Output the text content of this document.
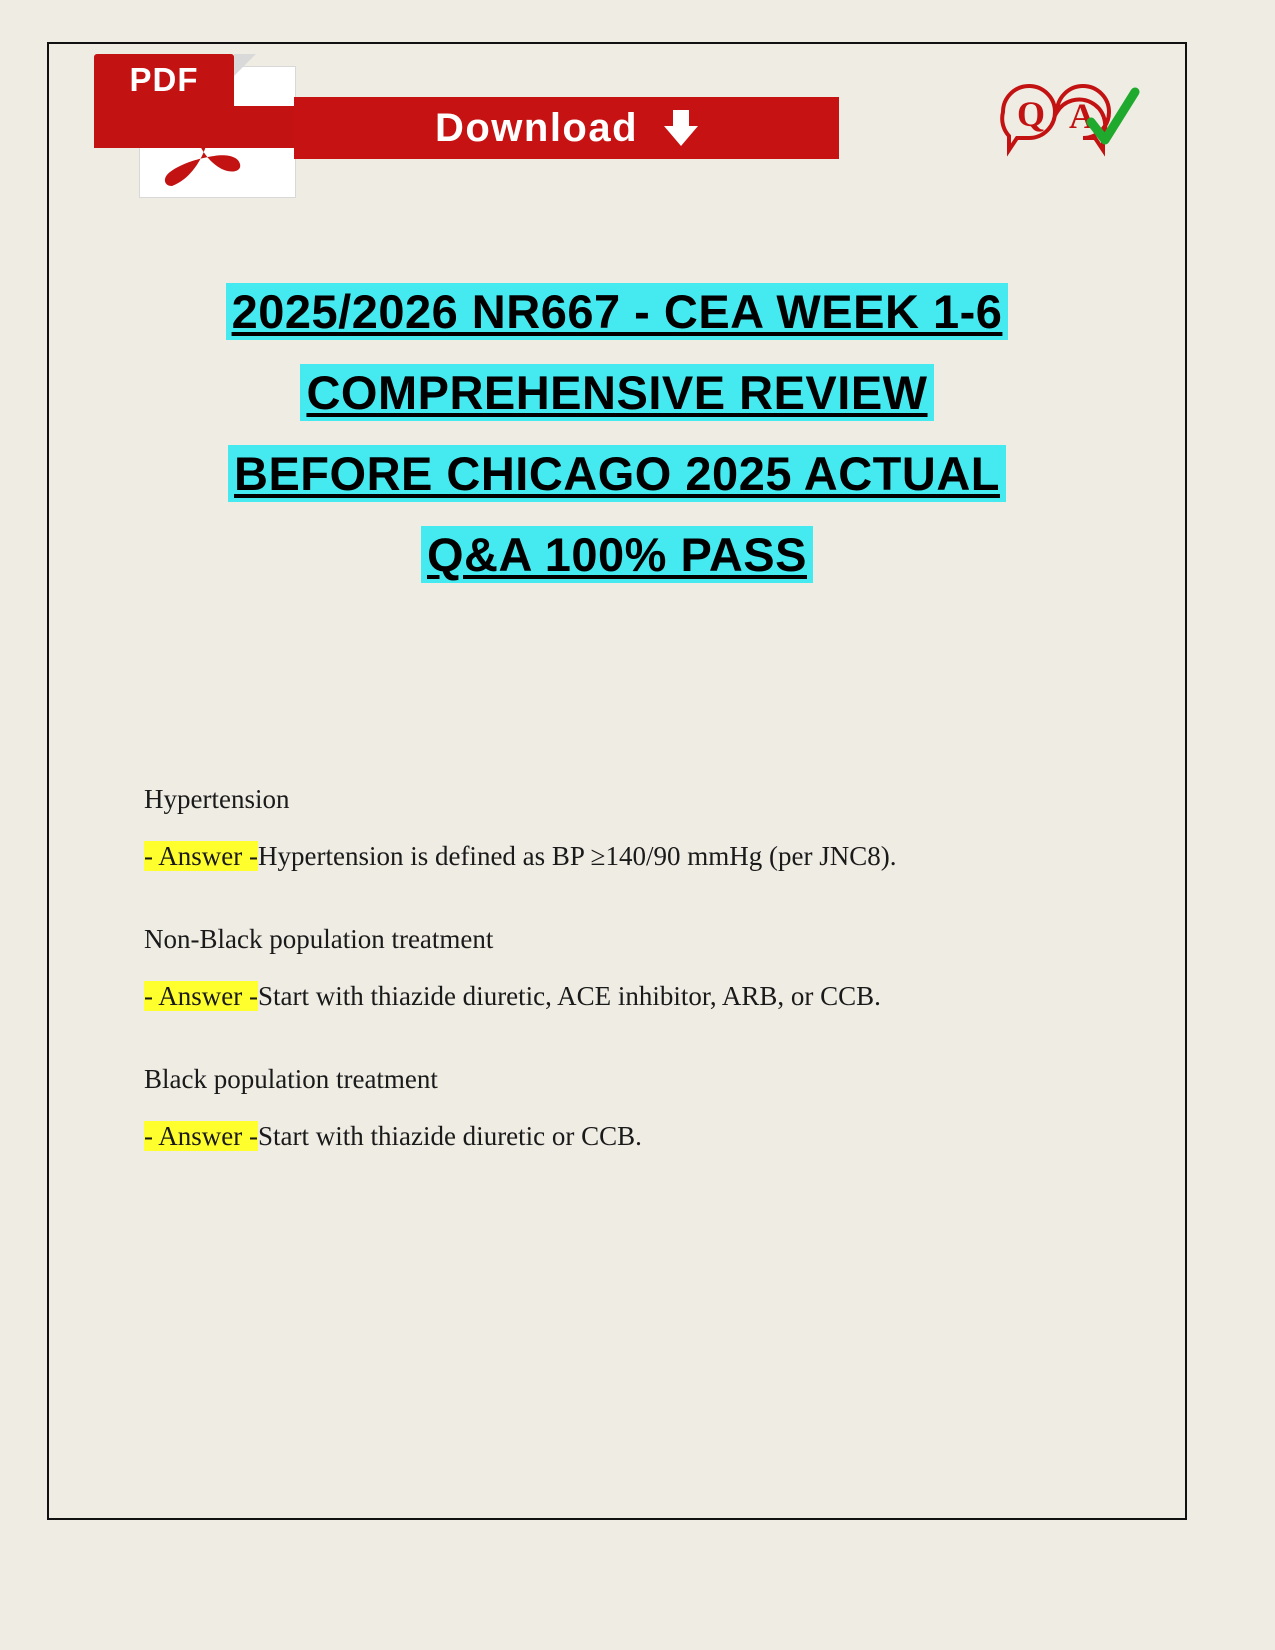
PDF
Download	Q A
2025/2026 NR667 - CEA WEEK 1-6
COMPREHENSIVE REVIEW
BEFORE CHICAGO 2025 ACTUAL
Q&A 100% PASS

Hypertension

- Answer -Hypertension is defined as BP ≥140/90 mmHg (per JNC8).

Non-Black population treatment

- Answer -Start with thiazide diuretic, ACE inhibitor, ARB, or CCB.

Black population treatment

- Answer -Start with thiazide diuretic or CCB.
